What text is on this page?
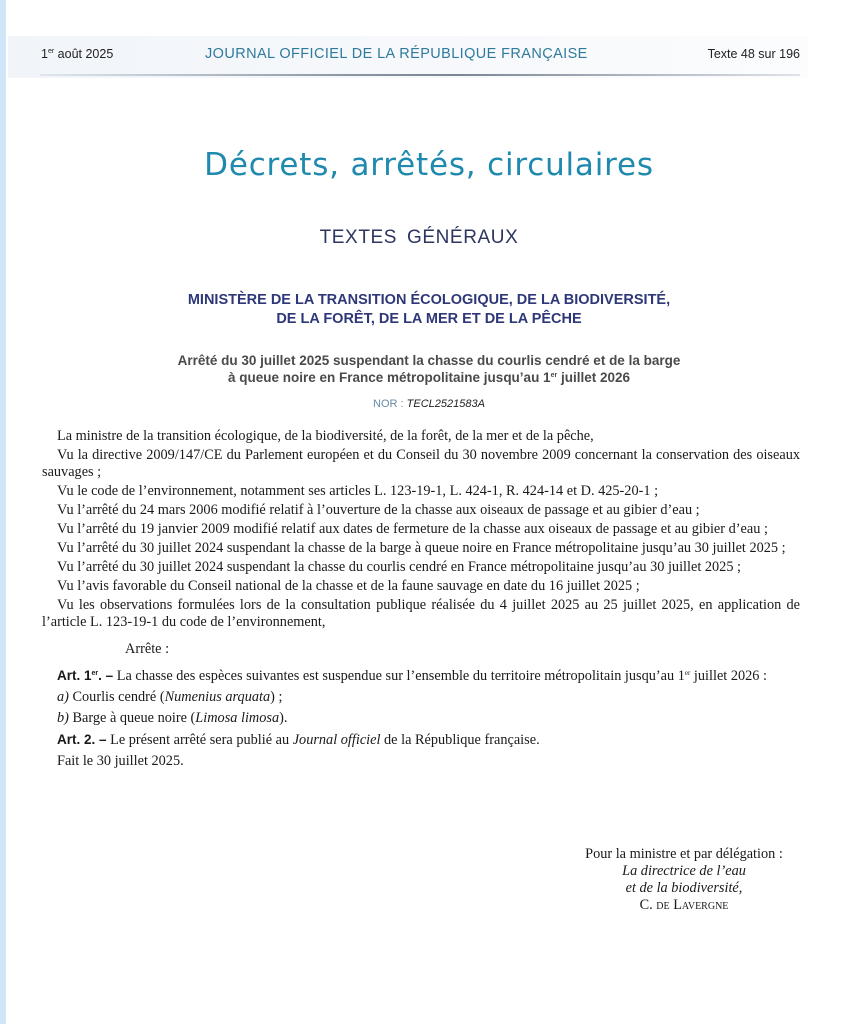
1er août 2025	JOURNAL OFFICIEL DE LA RÉPUBLIQUE FRANÇAISE	Texte 48 sur 196
Décrets, arrêtés, circulaires
TEXTES GÉNÉRAUX
MINISTÈRE DE LA TRANSITION ÉCOLOGIQUE, DE LA BIODIVERSITÉ,
DE LA FORÊT, DE LA MER ET DE LA PÊCHE
Arrêté du 30 juillet 2025 suspendant la chasse du courlis cendré et de la barge
à queue noire en France métropolitaine jusqu’au 1er juillet 2026
NOR : TECL2521583A

La ministre de la transition écologique, de la biodiversité, de la forêt, de la mer et de la pêche,

Vu la directive 2009/147/CE du Parlement européen et du Conseil du 30 novembre 2009 concernant la conservation des oiseaux sauvages ;

Vu le code de l’environnement, notamment ses articles L. 123-19-1, L. 424-1, R. 424-14 et D. 425-20-1 ;

Vu l’arrêté du 24 mars 2006 modifié relatif à l’ouverture de la chasse aux oiseaux de passage et au gibier d’eau ;

Vu l’arrêté du 19 janvier 2009 modifié relatif aux dates de fermeture de la chasse aux oiseaux de passage et au gibier d’eau ;

Vu l’arrêté du 30 juillet 2024 suspendant la chasse de la barge à queue noire en France métropolitaine jusqu’au 30 juillet 2025 ;

Vu l’arrêté du 30 juillet 2024 suspendant la chasse du courlis cendré en France métropolitaine jusqu’au 30 juillet 2025 ;

Vu l’avis favorable du Conseil national de la chasse et de la faune sauvage en date du 16 juillet 2025 ;

Vu les observations formulées lors de la consultation publique réalisée du 4 juillet 2025 au 25 juillet 2025, en application de l’article L. 123-19-1 du code de l’environnement,

Arrête :

Art. 1er. – La chasse des espèces suivantes est suspendue sur l’ensemble du territoire métropolitain jusqu’au 1er juillet 2026 :

a) Courlis cendré (Numenius arquata) ;

b) Barge à queue noire (Limosa limosa).

Art. 2. – Le présent arrêté sera publié au Journal officiel de la République française.

Fait le 30 juillet 2025.

Pour la ministre et par délégation :
La directrice de l’eau
et de la biodiversité,
C. de Lavergne
